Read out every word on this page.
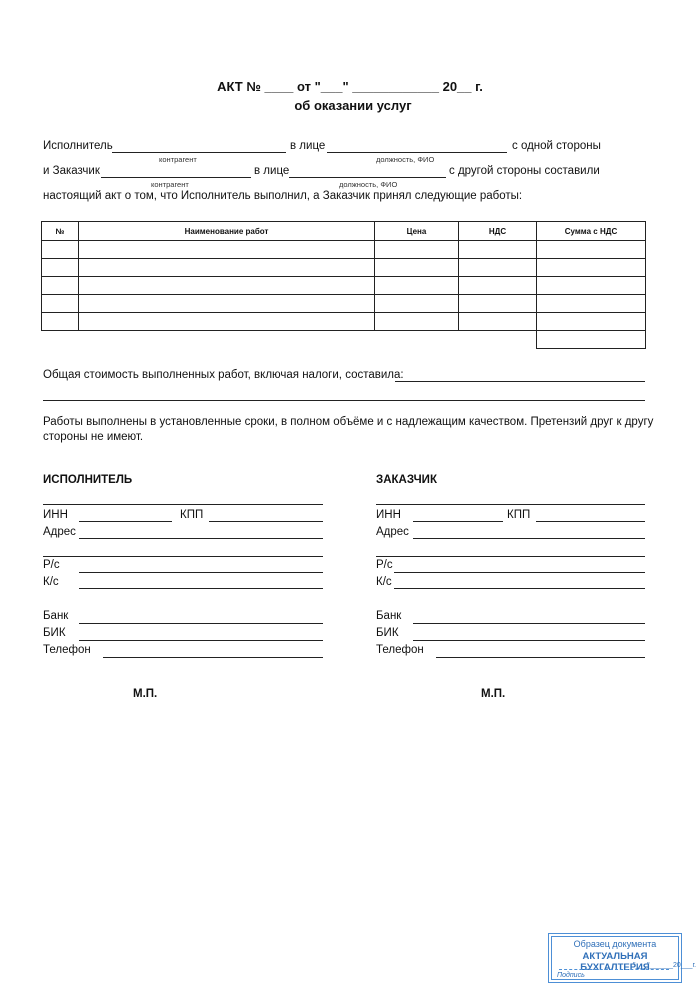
АКТ № ____ от "___" ____________ 20__ г.
об оказании услуг
Исполнитель
контрагент
в лице
должность, ФИО
с одной стороны
и Заказчик
контрагент
в лице
должность, ФИО
с другой стороны составили
настоящий акт о том, что Исполнитель выполнил, а Заказчик принял следующие работы:
№	Наименование работ	Цена	НДС	Сумма с НДС

Общая стоимость выполненных работ, включая налоги, составила:
Работы выполнены в установленные сроки, в полном объёме и с надлежащим качеством. Претензий друг к другу
стороны не имеют.
ИСПОЛНИТЕЛЬ
ИНН	КПП
Адрес
Р/с
К/с
Банк
БИК
Телефон
М.П.
ЗАКАЗЧИК
ИНН	КПП
Адрес
Р/с
К/с
Банк
БИК
Телефон
М.П.
Образец документа
АКТУАЛЬНАЯ БУХГАЛТЕРИЯ
"___"______20___г.
Подпись
